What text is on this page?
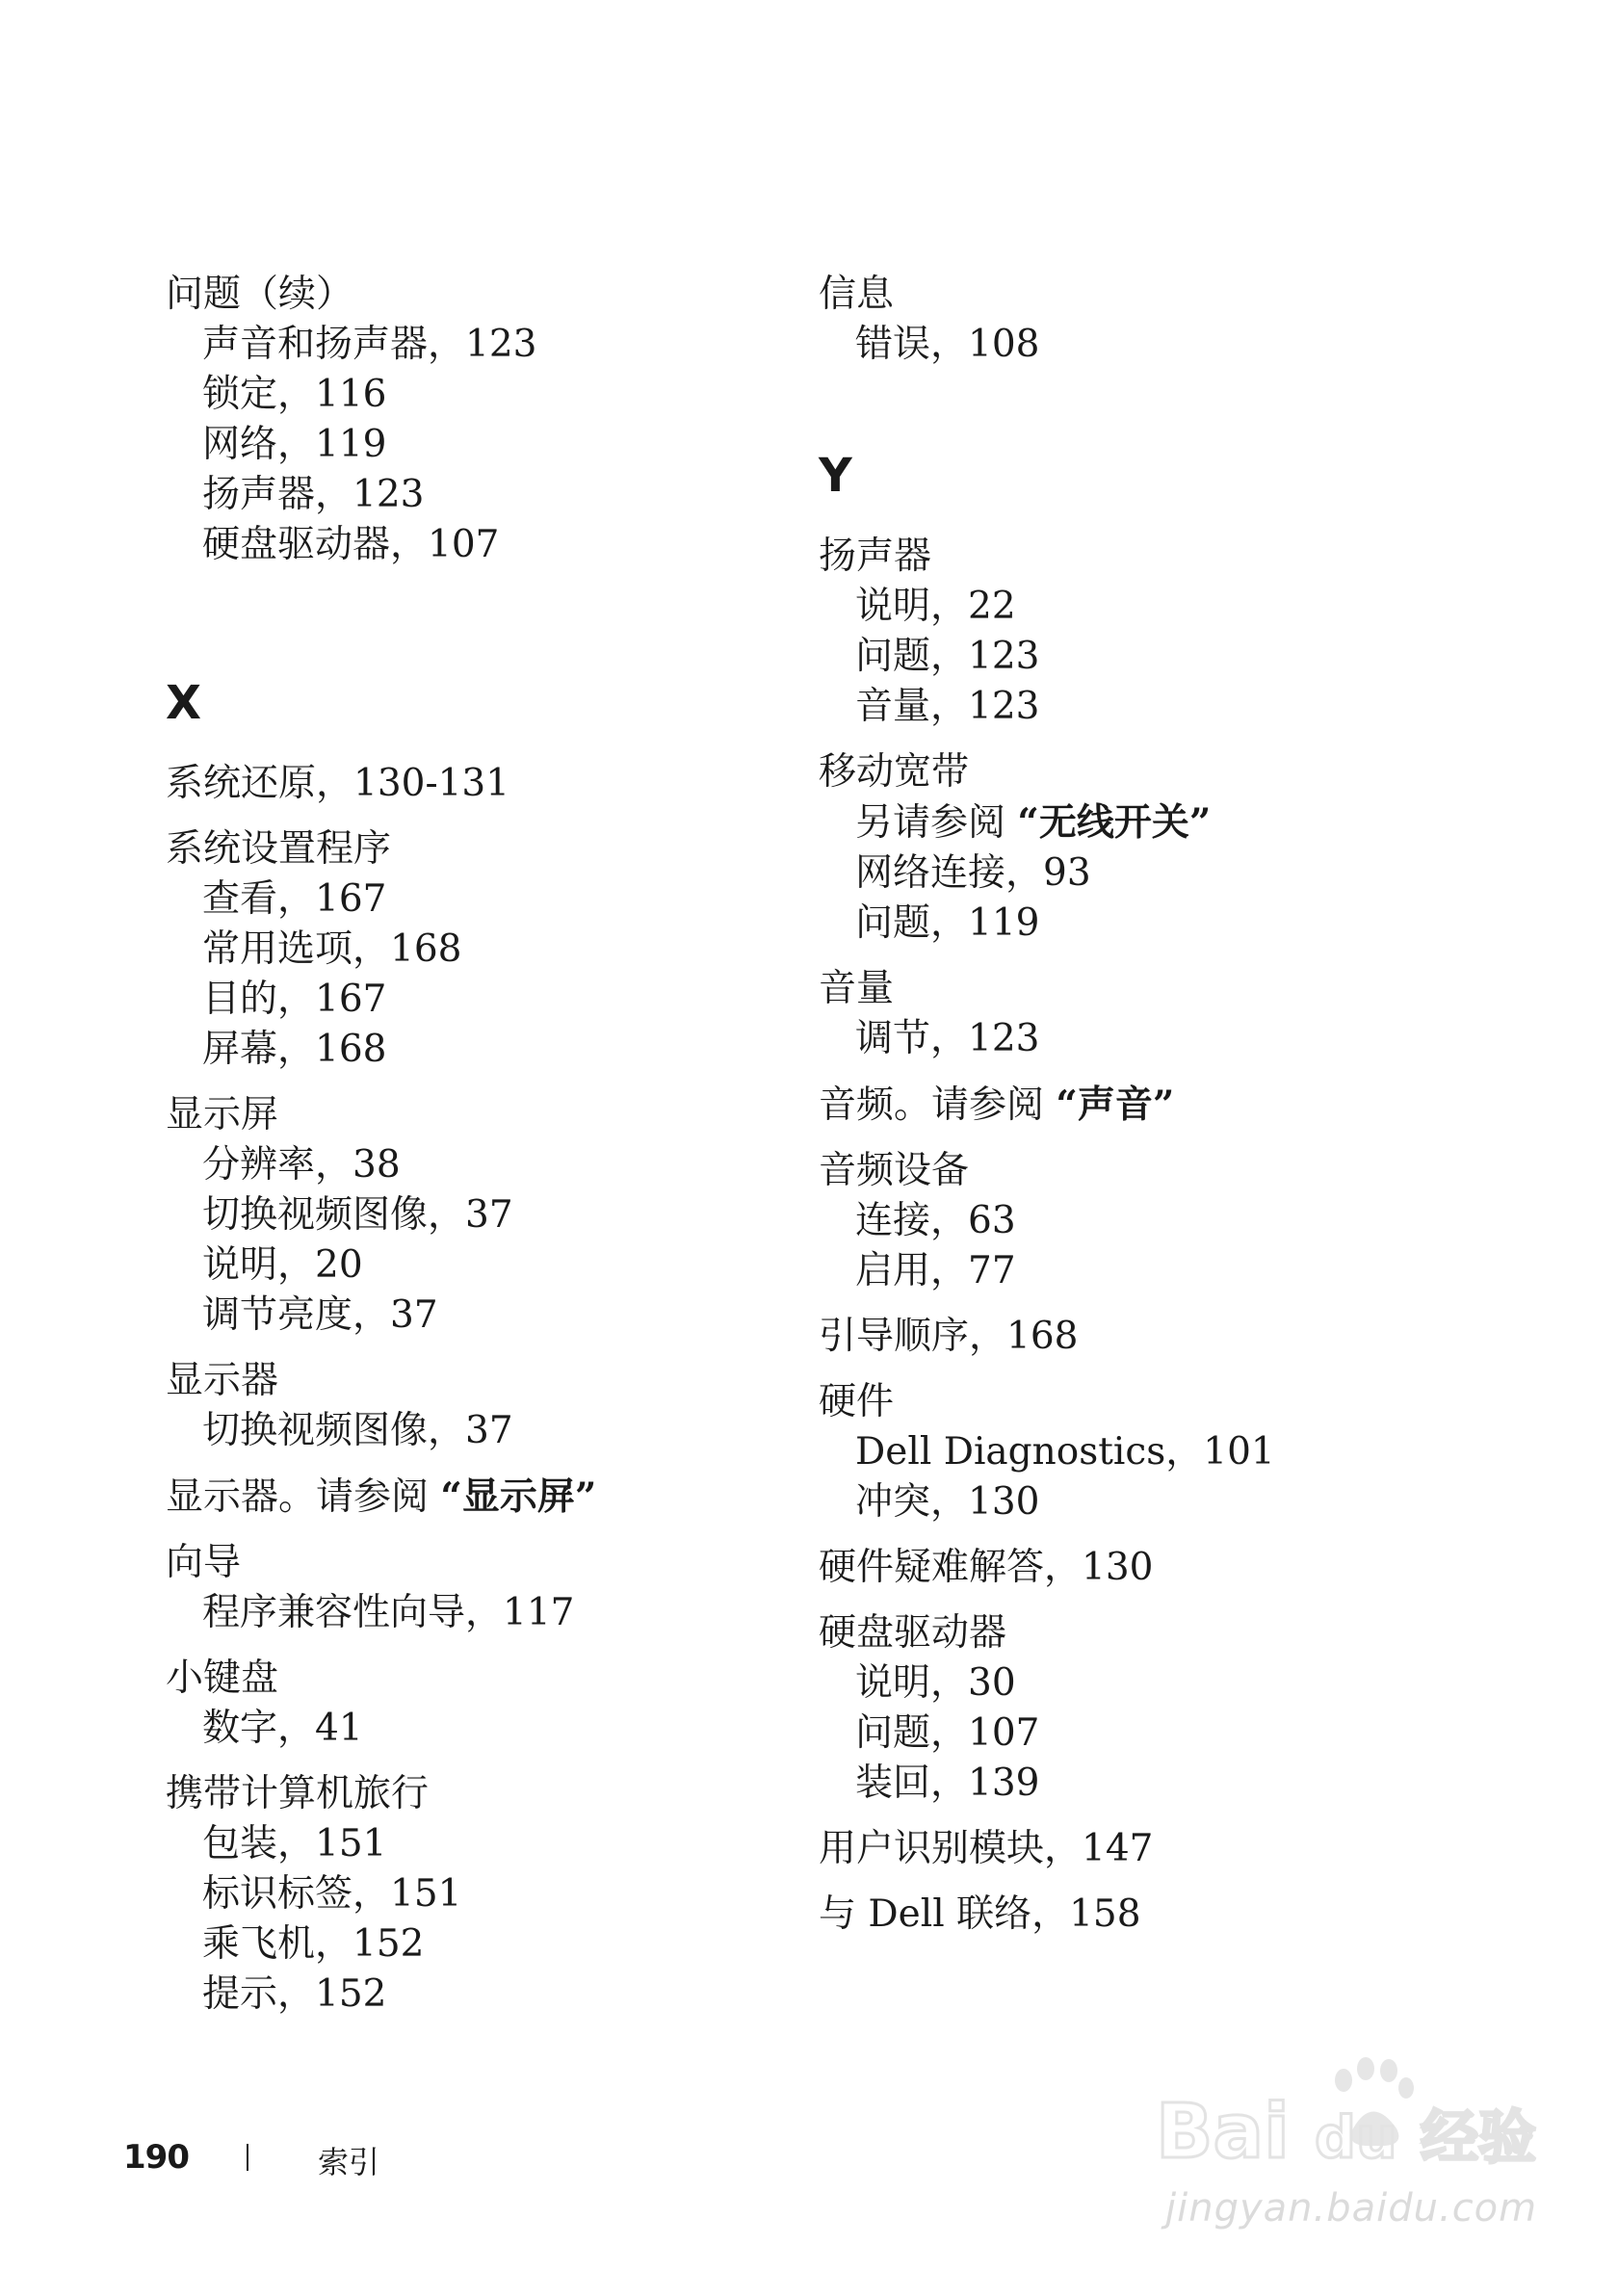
问题（续）
声音和扬声器，123
锁定，116
网络，119
扬声器，123
硬盘驱动器，107
X
系统还原，130-131
系统设置程序
查看，167
常用选项，168
目的，167
屏幕，168
显示屏
分辨率，38
切换视频图像，37
说明，20
调节亮度，37
显示器
切换视频图像，37
显示器。请参阅 “显示屏”
向导
程序兼容性向导，117
小键盘
数字，41
携带计算机旅行
包装，151
标识标签，151
乘飞机，152
提示，152
信息
错误，108
Y
扬声器
说明，22
问题，123
音量，123
移动宽带
另请参阅 “无线开关”
网络连接，93
问题，119
音量
调节，123
音频。请参阅 “声音”
音频设备
连接，63
启用，77
引导顺序，168
硬件
Dell Diagnostics，101
冲突，130
硬件疑难解答，130
硬盘驱动器
说明，30
问题，107
装回，139
用户识别模块，147
与 Dell 联络，158
190	索引	Bai du 经验
jingyan.baidu.com
